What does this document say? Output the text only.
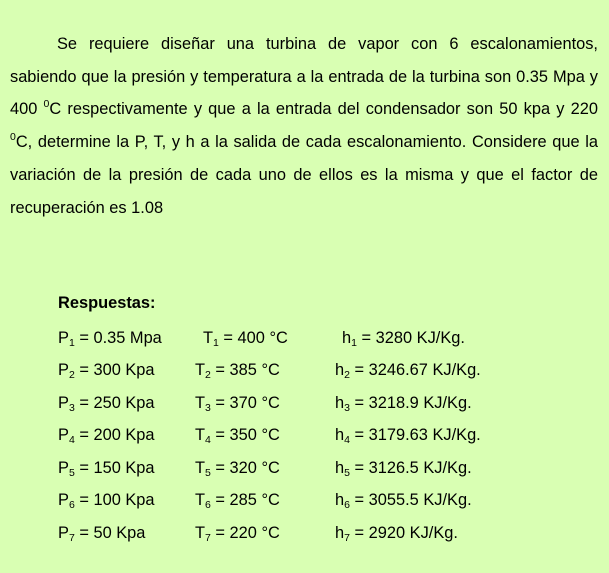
Se requiere diseñar una turbina de vapor con 6 escalonamientos, sabiendo que la presión y temperatura a la entrada de la turbina son 0.35 Mpa y 400 $^0$C respectivamente y que a la entrada del condensador son 50 kpa y 220 $^0$C, determine la P, T, y h a la salida de cada escalonamiento. Considere que la variación de la presión de cada uno de ellos es la misma y que el factor de recuperación es 1.08

Respuestas:
$P_1 = 0.35$ Mpa	$T_1 = 400$ °C	$h_1 = 3280$ KJ/Kg.
$P_2 = 300$ Kpa $T_2 = 385$ °C	$h_2 = 3246.67$ KJ/Kg.
$P_3 = 250$ Kpa $T_3 = 370$ °C	$h_3 = 3218.9$ KJ/Kg.
$P_4 = 200$ Kpa $T_4 = 350$ °C	$h_4 = 3179.63$ KJ/Kg.
$P_5 = 150$ Kpa $T_5 = 320$ °C	$h_5 = 3126.5$ KJ/Kg.
$P_6 = 100$ Kpa $T_6 = 285$ °C	$h_6 = 3055.5$ KJ/Kg.
$P_7 = 50$ Kpa	$T_7 = 220$ °C	$h_7 = 2920$ KJ/Kg.
